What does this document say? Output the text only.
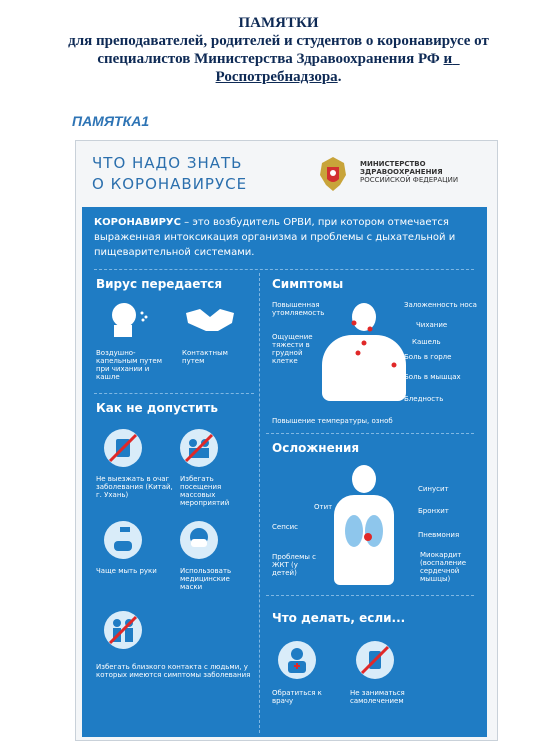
ПАМЯТКИ
для преподавателей, родителей и студентов о коронавирусе от
специалистов Министерства Здравоохранения РФ и
Роспотребнадзора.
ПАМЯТКА1
ЧТО НАДО ЗНАТЬ
О КОРОНАВИРУСЕ
МИНИСТЕРСТВО
ЗДРАВООХРАНЕНИЯ
РОССИЙСКОЙ ФЕДЕРАЦИИ
КОРОНАВИРУС – это возбудитель ОРВИ, при котором отмечается выраженная интоксикация организма и проблемы с дыхательной и пищеварительной системами.
Вирус передается
Воздушно-капельным путем при чихании и кашле
Контактным путем
Симптомы
Повышенная утомляемость
Ощущение тяжести в грудной клетке
Заложенность носа
Чихание
Кашель
Боль в горле
Боль в мышцах
Бледность
Повышение температуры, озноб
Как не допустить
Не выезжать в очаг заболевания (Китай, г. Ухань)
Избегать посещения массовых мероприятий
Чаще мыть руки	Использовать медицинские маски
Избегать близкого контакта с людьми, у которых имеются симптомы заболевания
Осложнения
Отит
Сепсис
Проблемы с ЖКТ (у детей)
Синусит
Бронхит
Пневмония
Миокардит (воспаление сердечной мышцы)
Что делать, если...
Обратиться к врачу
Не заниматься самолечением
